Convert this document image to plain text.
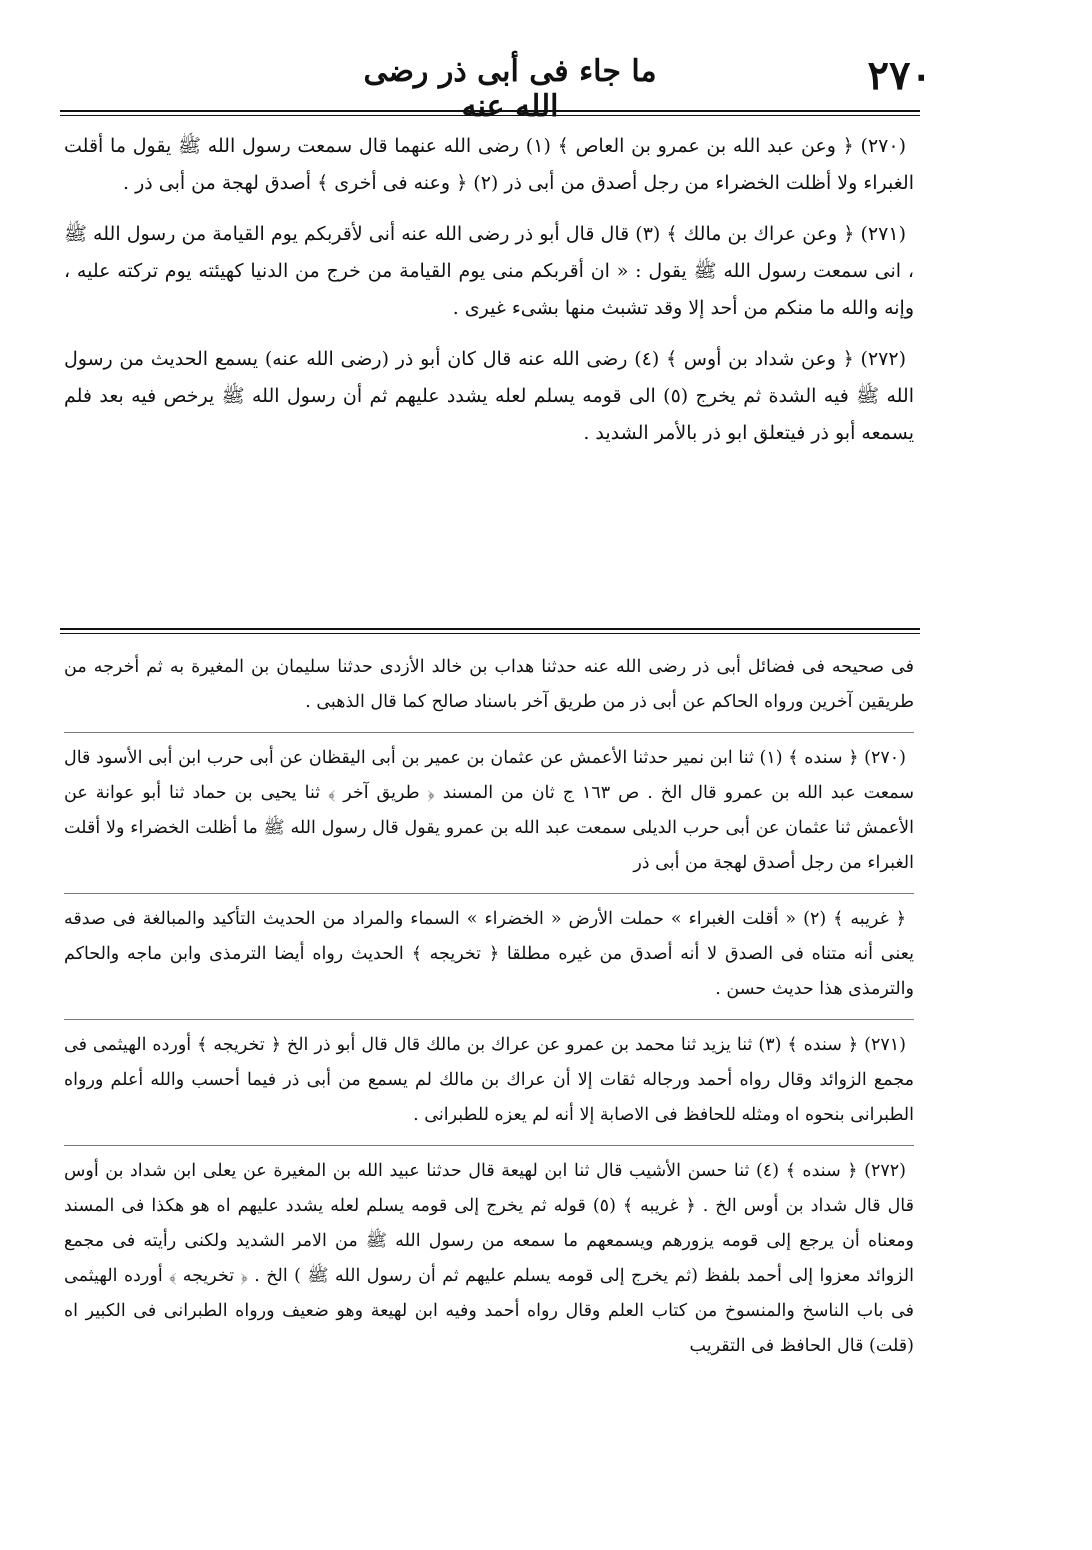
٢٧٠
ما جاء فى أبى ذر رضى الله عنه

(٢٧٠) ﴿ وعن عبد الله بن عمرو بن العاص ﴾ (١) رضى الله عنهما قال سمعت رسول الله ﷺ يقول ما أقلت الغبراء ولا أظلت الخضراء من رجل أصدق من أبى ذر (٢) ﴿ وعنه فى أخرى ﴾ أصدق لهجة من أبى ذر .

(٢٧١) ﴿ وعن عراك بن مالك ﴾ (٣) قال قال أبو ذر رضى الله عنه أنى لأقربكم يوم القيامة من رسول الله ﷺ ، انى سمعت رسول الله ﷺ يقول : « ان أقربكم منى يوم القيامة من خرج من الدنيا كهيئته يوم تركته عليه ، وإنه والله ما منكم من أحد إلا وقد تشبث منها بشىء غيرى .

(٢٧٢) ﴿ وعن شداد بن أوس ﴾ (٤) رضى الله عنه قال كان أبو ذر (رضى الله عنه) يسمع الحديث من رسول الله ﷺ فيه الشدة ثم يخرج (٥) الى قومه يسلم لعله يشدد عليهم ثم أن رسول الله ﷺ يرخص فيه بعد فلم يسمعه أبو ذر فيتعلق ابو ذر بالأمر الشديد .

فى صحيحه فى فضائل أبى ذر رضى الله عنه حدثنا هداب بن خالد الأزدى حدثنا سليمان بن المغيرة به ثم أخرجه من طريقين آخرين ورواه الحاكم عن أبى ذر من طريق آخر باسناد صالح كما قال الذهبى .

(٢٧٠) ﴿ سنده ﴾ (١) ثنا ابن نمير حدثنا الأعمش عن عثمان بن عمير بن أبى اليقظان عن أبى حرب ابن أبى الأسود قال سمعت عبد الله بن عمرو قال الخ . ص ١٦٣ ج ثان من المسند ﴿ طريق آخر ﴾ ثنا يحيى بن حماد ثنا أبو عوانة عن الأعمش ثنا عثمان عن أبى حرب الديلى سمعت عبد الله بن عمرو يقول قال رسول الله ﷺ ما أظلت الخضراء ولا أقلت الغبراء من رجل أصدق لهجة من أبى ذر

﴿ غريبه ﴾ (٢) « أقلت الغبراء » حملت الأرض « الخضراء » السماء والمراد من الحديث التأكيد والمبالغة فى صدقه يعنى أنه متناه فى الصدق لا أنه أصدق من غيره مطلقا ﴿ تخريجه ﴾ الحديث رواه أيضا الترمذى وابن ماجه والحاكم والترمذى هذا حديث حسن .

(٢٧١) ﴿ سنده ﴾ (٣) ثنا يزيد ثنا محمد بن عمرو عن عراك بن مالك قال قال أبو ذر الخ ﴿ تخريجه ﴾ أورده الهيثمى فى مجمع الزوائد وقال رواه أحمد ورجاله ثقات إلا أن عراك بن مالك لم يسمع من أبى ذر فيما أحسب والله أعلم ورواه الطبرانى بنحوه اه ومثله للحافظ فى الاصابة إلا أنه لم يعزه للطبرانى .

(٢٧٢) ﴿ سنده ﴾ (٤) ثنا حسن الأشيب قال ثنا ابن لهيعة قال حدثنا عبيد الله بن المغيرة عن يعلى ابن شداد بن أوس قال قال شداد بن أوس الخ . ﴿ غريبه ﴾ (٥) قوله ثم يخرج إلى قومه يسلم لعله يشدد عليهم اه هو هكذا فى المسند ومعناه أن يرجع إلى قومه يزورهم ويسمعهم ما سمعه من رسول الله ﷺ من الامر الشديد ولكنى رأيته فى مجمع الزوائد معزوا إلى أحمد بلفظ (ثم يخرج إلى قومه يسلم عليهم ثم أن رسول الله ﷺ ) الخ . ﴿ تخريجه ﴾ أورده الهيثمى فى باب الناسخ والمنسوخ من كتاب العلم وقال رواه أحمد وفيه ابن لهيعة وهو ضعيف ورواه الطبرانى فى الكبير اه (قلت) قال الحافظ فى التقريب
